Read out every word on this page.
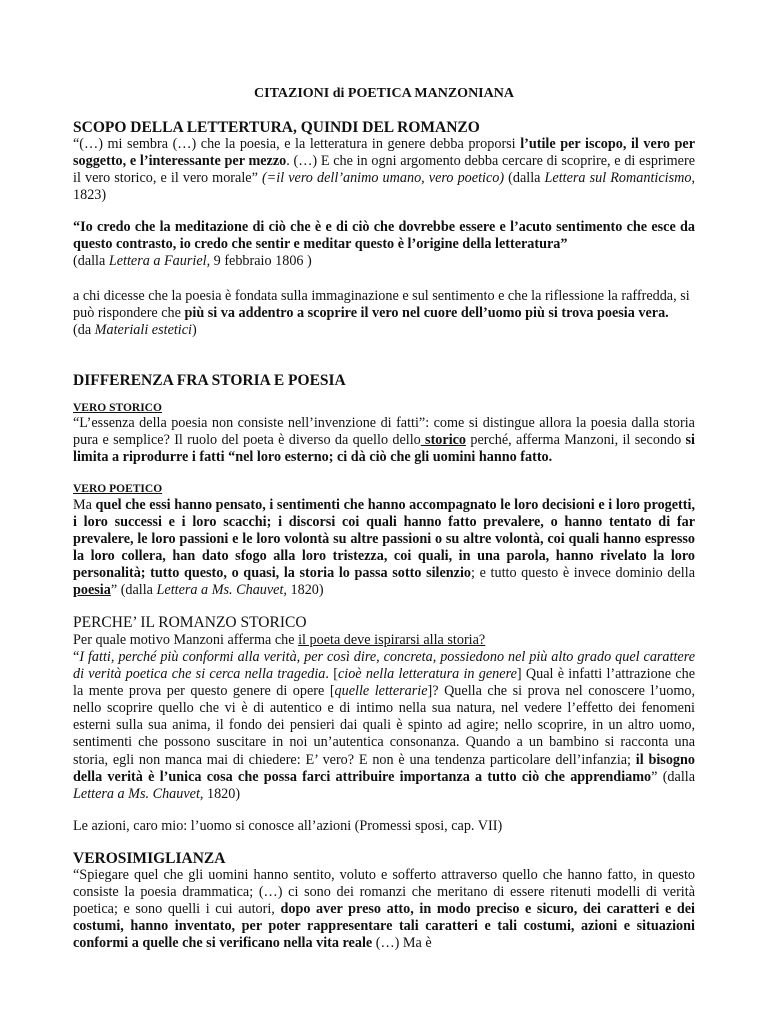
CITAZIONI di POETICA MANZONIANA
SCOPO DELLA LETTERTURA, QUINDI DEL ROMANZO

“(…) mi sembra (…) che la poesia, e la letteratura in genere debba proporsi l’utile per iscopo, il vero per soggetto, e l’interessante per mezzo. (…) E che in ogni argomento debba cercare di scoprire, e di esprimere il vero storico, e il vero morale” (=il vero dell’animo umano, vero poetico) (dalla Lettera sul Romanticismo, 1823)

“Io credo che la meditazione di ciò che è e di ciò che dovrebbe essere e l’acuto sentimento che esce da questo contrasto, io credo che sentir e meditar questo è l’origine della letteratura”
(dalla Lettera a Fauriel, 9 febbraio 1806 )

a chi dicesse che la poesia è fondata sulla immaginazione e sul sentimento e che la riflessione la raffredda, si può rispondere che più si va addentro a scoprire il vero nel cuore dell’uomo più si trova poesia vera.
(da Materiali estetici)

DIFFERENZA FRA STORIA E POESIA
VERO STORICO

“L’essenza della poesia non consiste nell’invenzione di fatti”: come si distingue allora la poesia dalla storia pura e semplice? Il ruolo del poeta è diverso da quello dello storico perché, afferma Manzoni, il secondo si limita a riprodurre i fatti “nel loro esterno; ci dà ciò che gli uomini hanno fatto.

VERO POETICO

Ma quel che essi hanno pensato, i sentimenti che hanno accompagnato le loro decisioni e i loro progetti, i loro successi e i loro scacchi; i discorsi coi quali hanno fatto prevalere, o hanno tentato di far prevalere, le loro passioni e le loro volontà su altre passioni o su altre volontà, coi quali hanno espresso la loro collera, han dato sfogo alla loro tristezza, coi quali, in una parola, hanno rivelato la loro personalità; tutto questo, o quasi, la storia lo passa sotto silenzio; e tutto questo è invece dominio della poesia” (dalla Lettera a Ms. Chauvet, 1820)

PERCHE’ IL ROMANZO STORICO

Per quale motivo Manzoni afferma che il poeta deve ispirarsi alla storia?

“I fatti, perché più conformi alla verità, per così dire, concreta, possiedono nel più alto grado quel carattere di verità poetica che si cerca nella tragedia. [cioè nella letteratura in genere] Qual è infatti l’attrazione che la mente prova per questo genere di opere [quelle letterarie]? Quella che si prova nel conoscere l’uomo, nello scoprire quello che vi è di autentico e di intimo nella sua natura, nel vedere l’effetto dei fenomeni esterni sulla sua anima, il fondo dei pensieri dai quali è spinto ad agire; nello scoprire, in un altro uomo, sentimenti che possono suscitare in noi un’autentica consonanza. Quando a un bambino si racconta una storia, egli non manca mai di chiedere: E’ vero? E non è una tendenza particolare dell’infanzia; il bisogno della verità è l’unica cosa che possa farci attribuire importanza a tutto ciò che apprendiamo” (dalla Lettera a Ms. Chauvet, 1820)

Le azioni, caro mio: l’uomo si conosce all’azioni (Promessi sposi, cap. VII)

VEROSIMIGLIANZA

“Spiegare quel che gli uomini hanno sentito, voluto e sofferto attraverso quello che hanno fatto, in questo consiste la poesia drammatica; (…) ci sono dei romanzi che meritano di essere ritenuti modelli di verità poetica; e sono quelli i cui autori, dopo aver preso atto, in modo preciso e sicuro, dei caratteri e dei costumi, hanno inventato, per poter rappresentare tali caratteri e tali costumi, azioni e situazioni conformi a quelle che si verificano nella vita reale (…) Ma è
